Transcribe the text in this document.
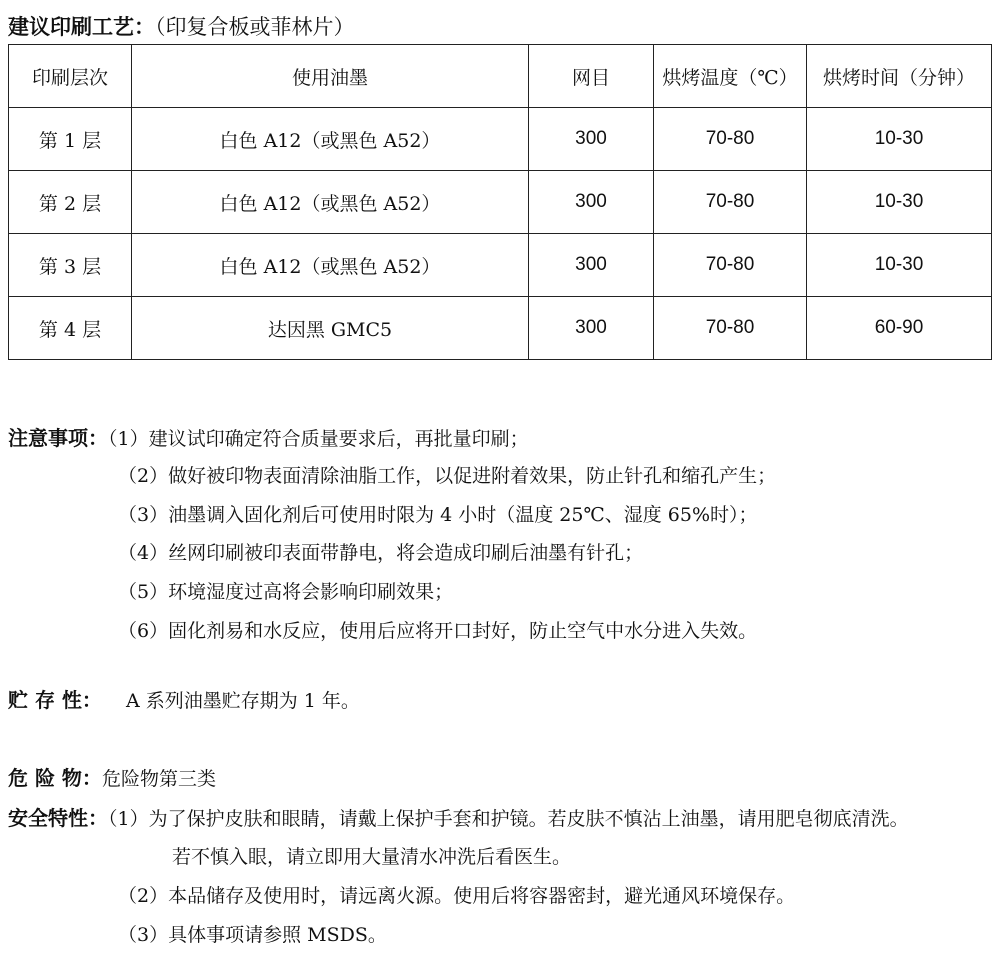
建议印刷工艺：（印复合板或菲林片）
印刷层次	使用油墨	网目	烘烤温度（℃）	烘烤时间（分钟）
第 1 层	白色 A12（或黑色 A52）	300	70-80	10-30
第 2 层	白色 A12（或黑色 A52）	300	70-80	10-30
第 3 层	白色 A12（或黑色 A52）	300	70-80	10-30
第 4 层	达因黑 GMC5	300	70-80	60-90
注意事项：（1）建议试印确定符合质量要求后，再批量印刷；
（2）做好被印物表面清除油脂工作，以促进附着效果，防止针孔和缩孔产生；
（3）油墨调入固化剂后可使用时限为 4 小时（温度 25℃、湿度 65%时）；
（4）丝网印刷被印表面带静电，将会造成印刷后油墨有针孔；
（5）环境湿度过高将会影响印刷效果；
（6）固化剂易和水反应，使用后应将开口封好，防止空气中水分进入失效。
贮 存 性： A 系列油墨贮存期为 1 年。
危 险 物：危险物第三类
安全特性：（1）为了保护皮肤和眼睛，请戴上保护手套和护镜。若皮肤不慎沾上油墨，请用肥皂彻底清洗。
若不慎入眼，请立即用大量清水冲洗后看医生。
（2）本品储存及使用时，请远离火源。使用后将容器密封，避光通风环境保存。
（3）具体事项请参照 MSDS。
